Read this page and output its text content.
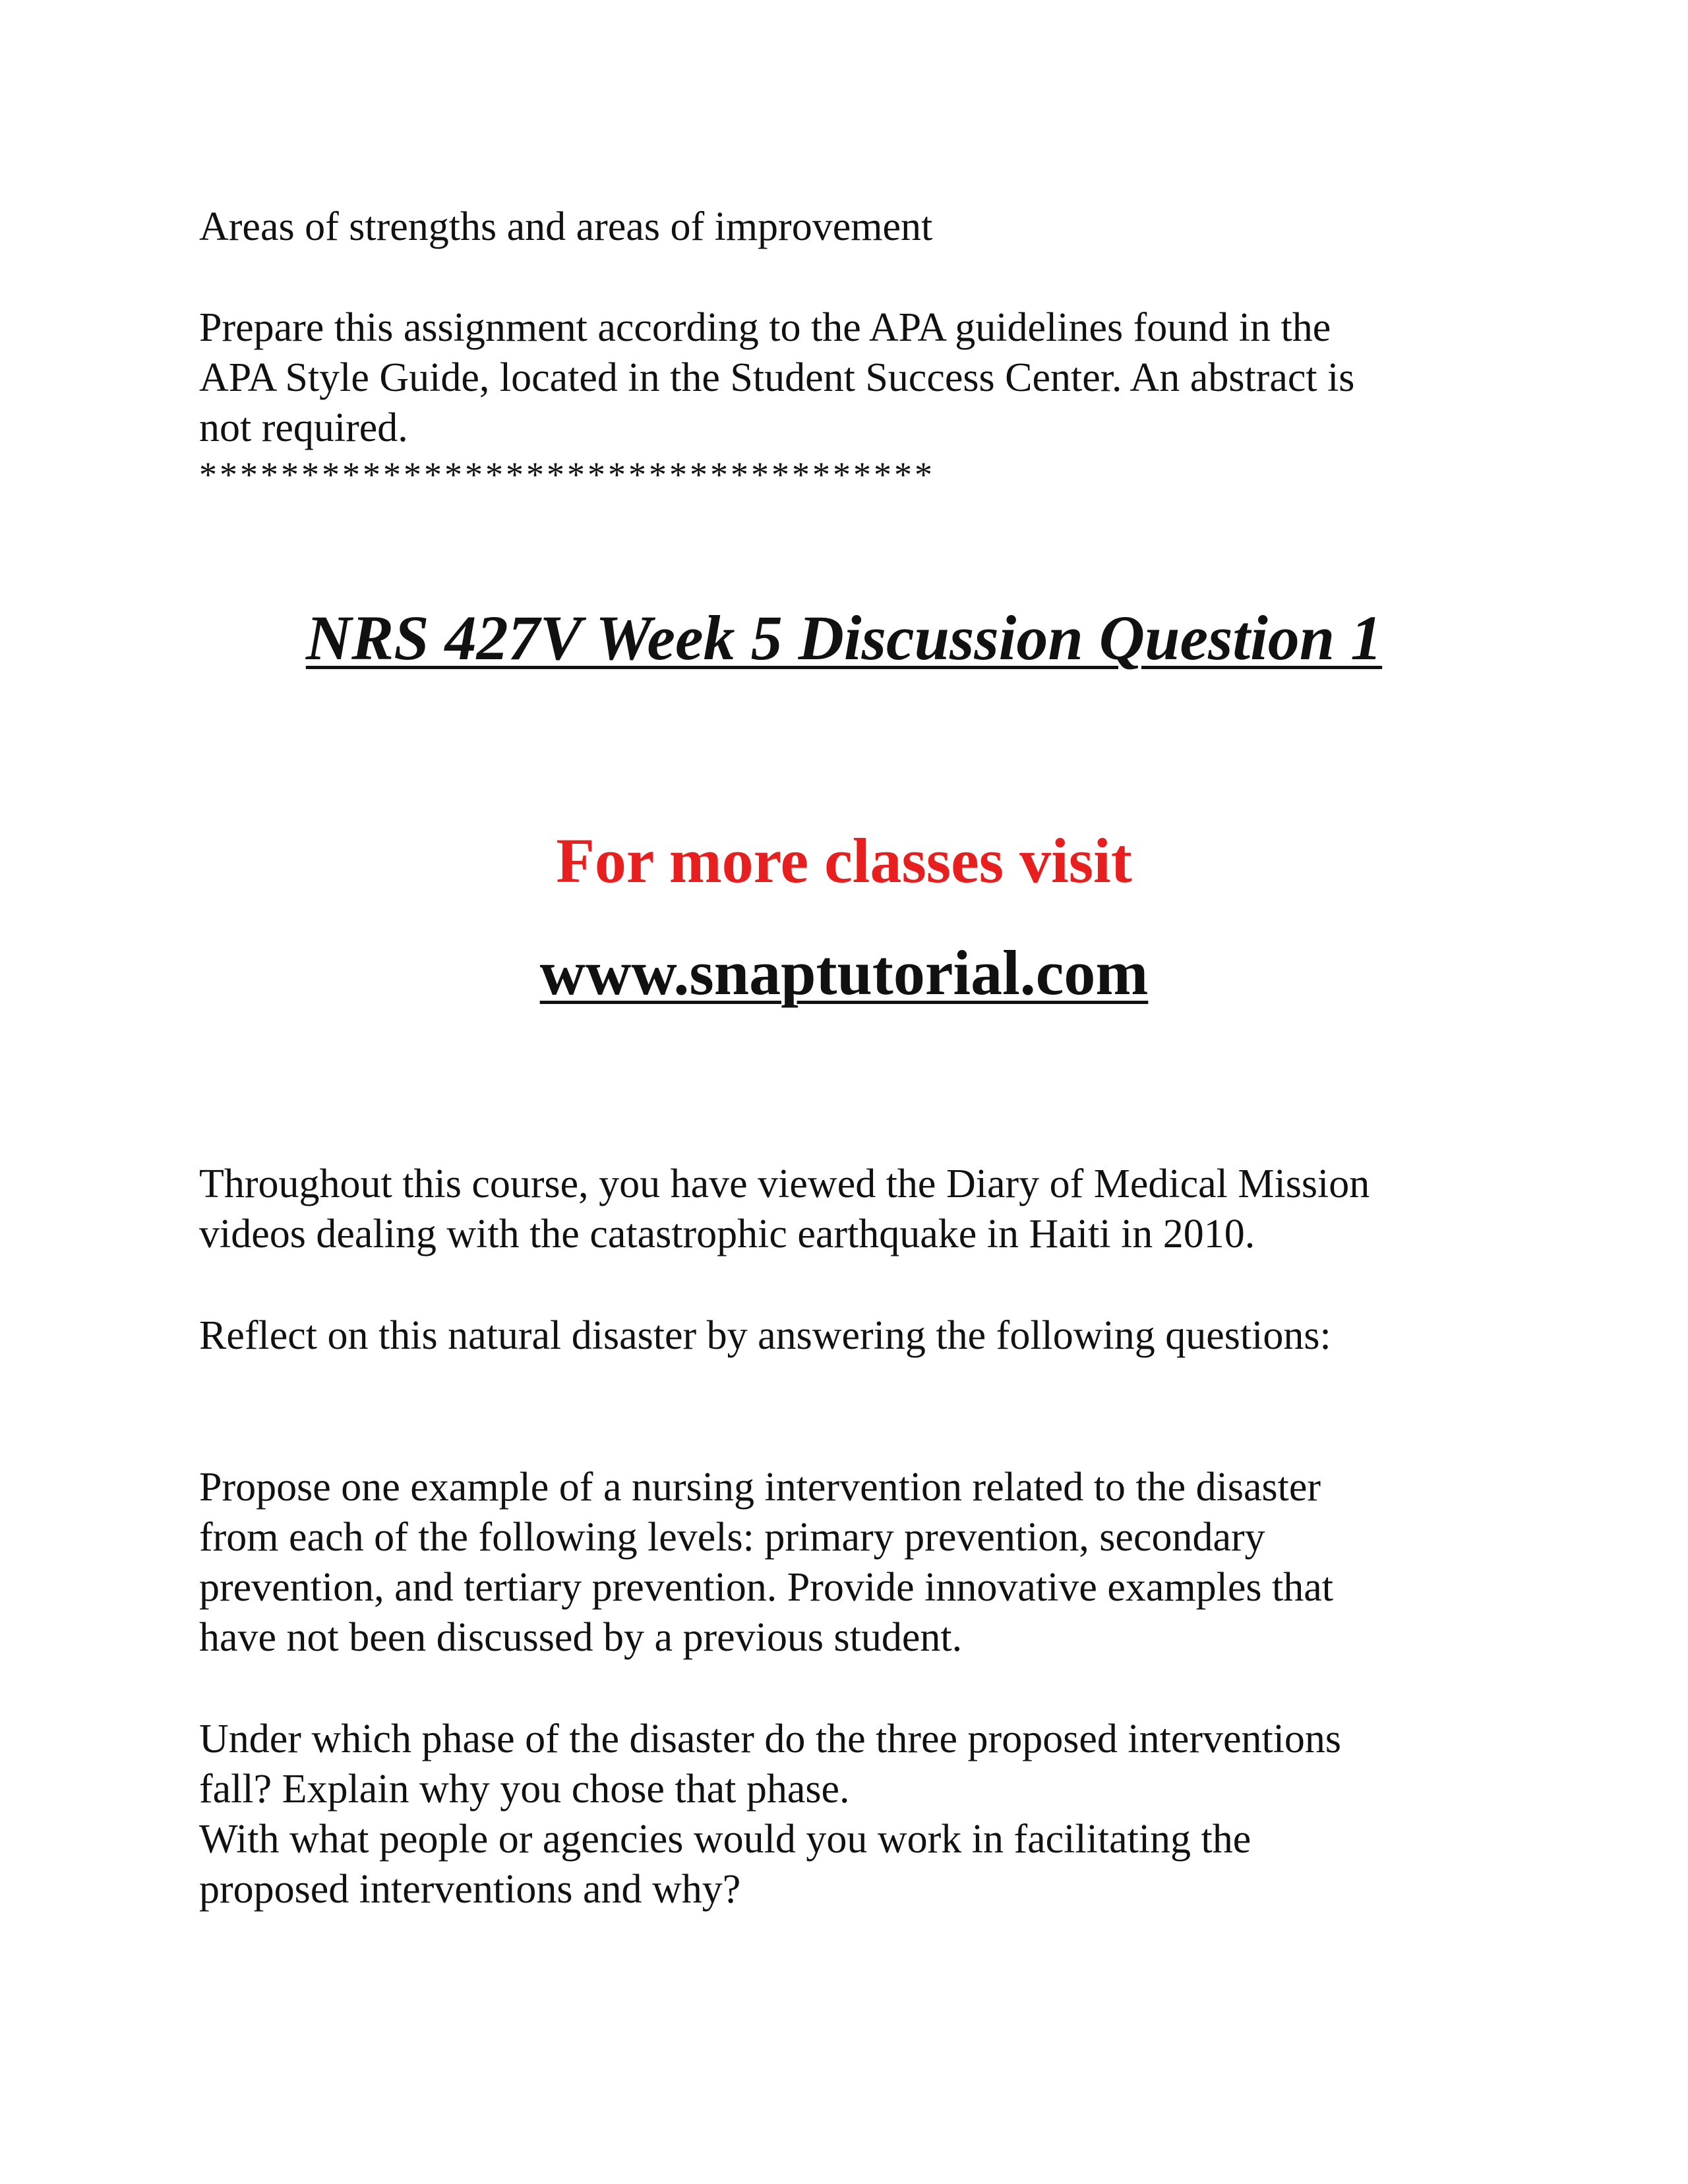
Areas of strengths and areas of improvement
Prepare this assignment according to the APA guidelines found in the
APA Style Guide, located in the Student Success Center. An abstract is
not required.
************************************
NRS 427V Week 5 Discussion Question 1
For more classes visit
www.snaptutorial.com
Throughout this course, you have viewed the Diary of Medical Mission
videos dealing with the catastrophic earthquake in Haiti in 2010.
Reflect on this natural disaster by answering the following questions:
Propose one example of a nursing intervention related to the disaster
from each of the following levels: primary prevention, secondary
prevention, and tertiary prevention. Provide innovative examples that
have not been discussed by a previous student.
Under which phase of the disaster do the three proposed interventions
fall? Explain why you chose that phase.
With what people or agencies would you work in facilitating the
proposed interventions and why?
